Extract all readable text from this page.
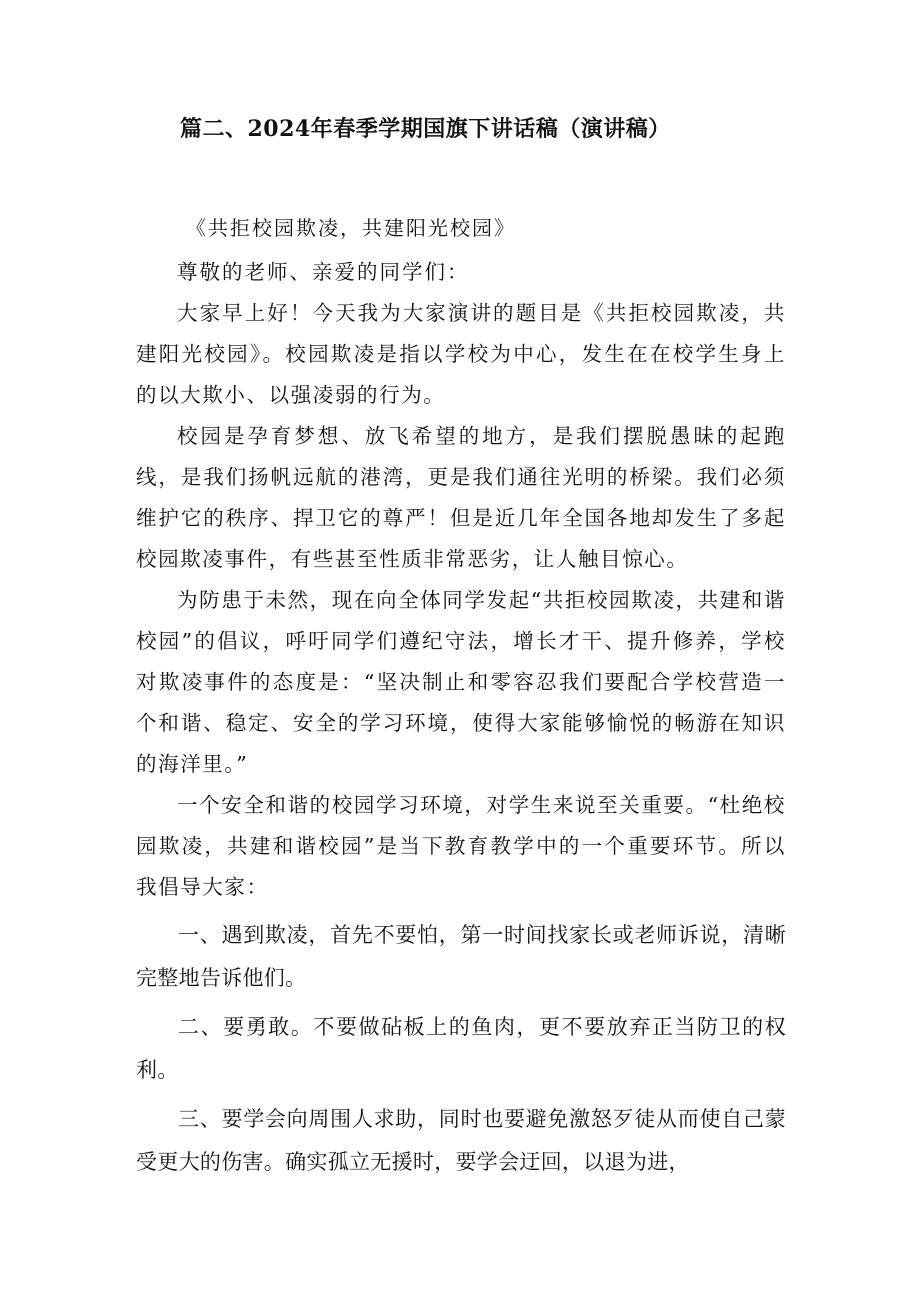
篇二、2024年春季学期国旗下讲话稿（演讲稿）
《共拒校园欺凌，共建阳光校园》

尊敬的老师、亲爱的同学们：

大家早上好！今天我为大家演讲的题目是《共拒校园欺凌，共建阳光校园》。校园欺凌是指以学校为中心，发生在在校学生身上的以大欺小、以强凌弱的行为。

校园是孕育梦想、放飞希望的地方，是我们摆脱愚昧的起跑线，是我们扬帆远航的港湾，更是我们通往光明的桥梁。我们必须维护它的秩序、捍卫它的尊严！但是近几年全国各地却发生了多起校园欺凌事件，有些甚至性质非常恶劣，让人触目惊心。

为防患于未然，现在向全体同学发起“共拒校园欺凌，共建和谐校园”的倡议，呼吁同学们遵纪守法，增长才干、提升修养，学校对欺凌事件的态度是：“坚决制止和零容忍我们要配合学校营造一个和谐、稳定、安全的学习环境，使得大家能够愉悦的畅游在知识的海洋里。”

一个安全和谐的校园学习环境，对学生来说至关重要。“杜绝校园欺凌，共建和谐校园”是当下教育教学中的一个重要环节。所以我倡导大家：

一、遇到欺凌，首先不要怕，第一时间找家长或老师诉说，清晰完整地告诉他们。

二、要勇敢。不要做砧板上的鱼肉，更不要放弃正当防卫的权利。

三、要学会向周围人求助，同时也要避免激怒歹徒从而使自己蒙受更大的伤害。确实孤立无援时，要学会迂回，以退为进，
